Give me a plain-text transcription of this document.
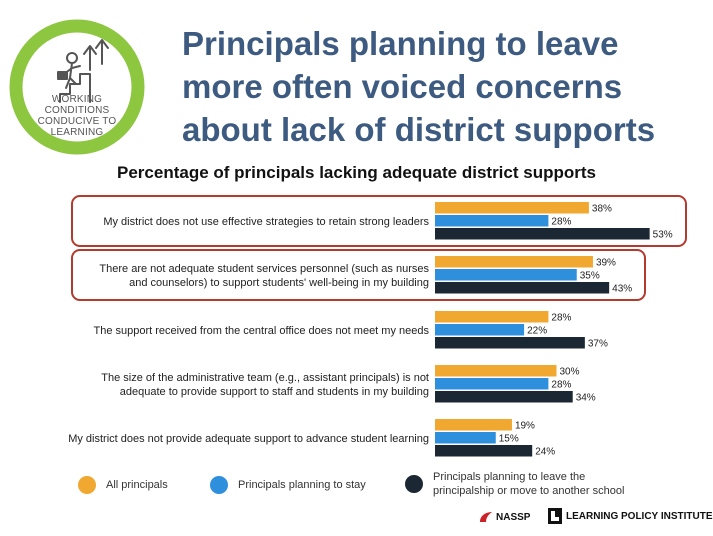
WORKING CONDITIONS CONDUCIVE TO LEARNING
Principals planning to leave
more often voiced concerns
about lack of district supports
Percentage of principals lacking adequate district supports
My district does not use effective strategies to retain strong leaders
38%
28%
53%
There are not adequate student services personnel (such as nurses
and counselors) to support students' well-being in my building
39%
35%
43%
The support received from the central office does not meet my needs
28%
22%
37%
The size of the administrative team (e.g., assistant principals) is not
adequate to provide support to staff and students in my building
30%
28%
34%
My district does not provide adequate support to advance student learning
19%
15%
24%
All principals	Principals planning to stay
Principals planning to leave the
principalship or move to another school
NASSP	LEARNING POLICY INSTITUTE
